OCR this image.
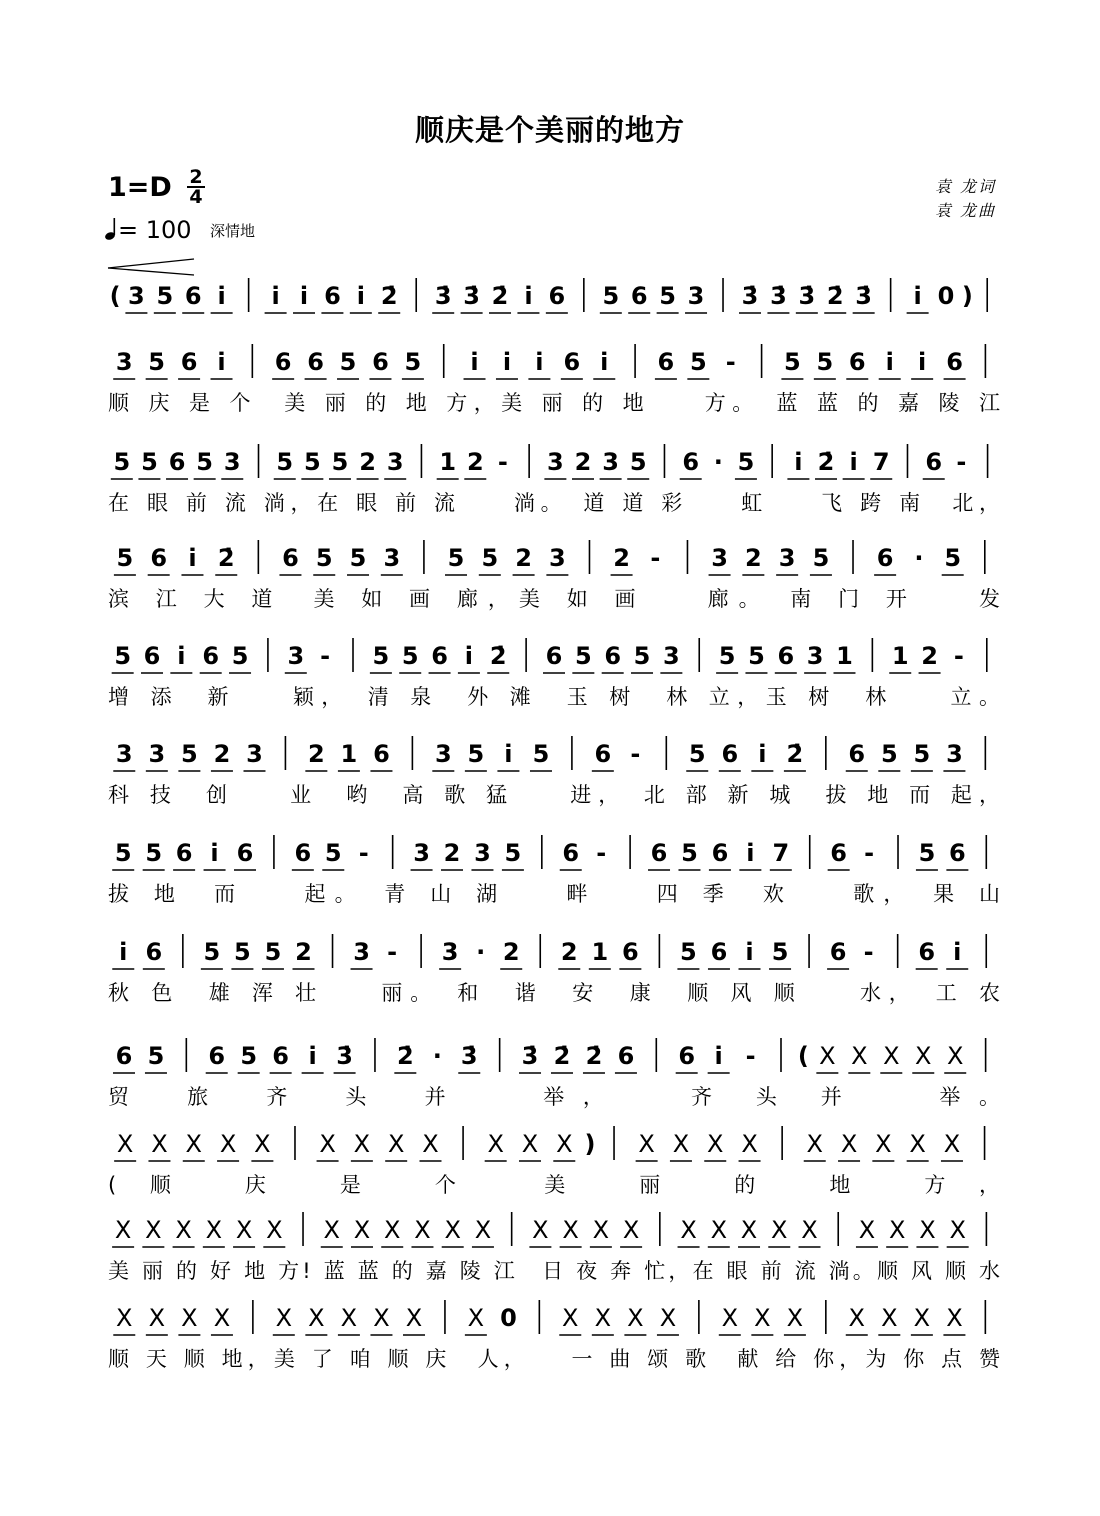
顺庆是个美丽的地方
1=D 2
4
= 100 深情地
袁 龙词
袁 龙曲
( 3 5 6 i̇ i̇ i̇ 6 i̇ 2̇ 3̇ 3̇ 2̇ i̇ 6 5 6 5 3 3̇ 3̇ 3̇ 2̇ 3̇ i̇ 0 )
3 5 6 i̇ 6 6 5 6 5 i̇ i̇ i̇ 6 i̇ 6 5 - 5 5 6 i̇ i̇ 6
顺 庆 是 个　美 丽 的 地 方，美 丽 的 地　　方。　蓝 蓝 的 嘉 陵 江
5 5 6 5 3 5 5 5 2 3 1 2 - 3 2 3 5 6 · 5 i̇ 2̇ i̇ 7 6 -
在 眼 前 流 淌，在 眼 前 流　　淌。　道 道 彩　　虹　　飞 跨 南　北，
5 6 i̇ 2̇ 6 5 5 3 5 5 2 3 2 - 3 2 3 5 6 · 5
滨 江 大 道　美 如 画 廊，美 如 画　　廊。　南 门 开　　发
5 6 i̇ 6 5 3 - 5 5 6 i̇ 2̇ 6 5 6 5 3 5 5 6 3 1 1 2 -
增 添　新　　颖，　清 泉　外 滩　玉 树　林 立，玉 树　林　　立。
3 3 5 2 3 2 1 6 3 5 i̇ 5 6 - 5 6 i̇ 2̇ 6 5 5 3
科 技　创　　业　哟　高 歌 猛　　进，　北 部 新 城　拔 地 而 起，
5 5 6 i̇ 6 6 5 - 3 2 3 5 6 - 6 5 6 i̇ 7 6 - 5 6
拔 地　而　　起。　青 山 湖　　畔　　四 季　欢　　歌，　果 山
i̇ 6 5 5 5 2 3 - 3 · 2 2 1 6 5 6 i̇ 5 6 - 6 i̇
秋 色　雄 浑 壮　　丽。　和　谐　安　康　顺 风 顺　　水，　工 农
6 5 6 5 6 i̇ 3̇ 2̇ · 3̇ 3̇ 2̇ 2̇ 6 6 i̇ - ( X X X X X
贸　旅　齐　头　并　　举，　　齐 头 并　　举。
X X X X X X X X X X X X ) X X X X X X X X X
(顺 庆 是 个　美 丽 的 地 方，
X X X X X X X X X X X X X X X X X X X X X X X X X
美 丽 的 好 地 方! 蓝 蓝 的 嘉 陵 江　日 夜 奔 忙，在 眼 前 流 淌。顺 风 顺 水
X X X X X X X X X X 0 X X X X X X X X X X X
顺 天 顺 地，美 了 咱 顺 庆　人，　　一 曲 颂 歌　献 给 你，为 你 点 赞
